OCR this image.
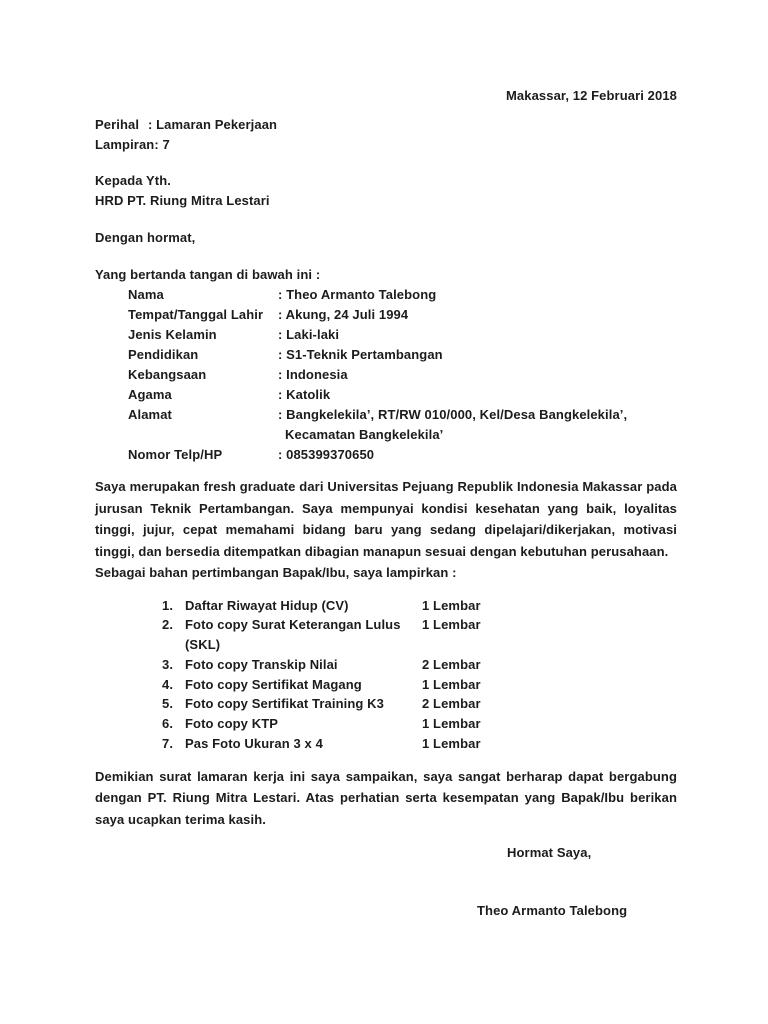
Makassar, 12 Februari 2018
Perihal : Lamaran Pekerjaan
Lampiran : 7
Kepada Yth.
HRD PT. Riung Mitra Lestari
Dengan hormat,
Yang bertanda tangan di bawah ini :
Nama	: Theo Armanto Talebong
Tempat/Tanggal Lahir	: Akung, 24 Juli 1994
Jenis Kelamin	: Laki-laki
Pendidikan	: S1-Teknik Pertambangan
Kebangsaan	: Indonesia
Agama	: Katolik
Alamat	: Bangkelekila’, RT/RW 010/000, Kel/Desa Bangkelekila’,
Kecamatan Bangkelekila’
Nomor Telp/HP	: 085399370650
Saya merupakan fresh graduate dari Universitas Pejuang Republik Indonesia Makassar pada jurusan Teknik Pertambangan. Saya mempunyai kondisi kesehatan yang baik, loyalitas tinggi, jujur, cepat memahami bidang baru yang sedang dipelajari/dikerjakan, motivasi tinggi, dan bersedia ditempatkan dibagian manapun sesuai dengan kebutuhan perusahaan.
Sebagai bahan pertimbangan Bapak/Ibu, saya lampirkan :
1. Daftar Riwayat Hidup (CV)	1 Lembar
2. Foto copy Surat Keterangan Lulus (SKL)
1 Lembar
3. Foto copy Transkip Nilai	2 Lembar
4. Foto copy Sertifikat Magang	1 Lembar
5. Foto copy Sertifikat Training K3	2 Lembar
6. Foto copy KTP	1 Lembar
7. Pas Foto Ukuran 3 x 4	1 Lembar
Demikian surat lamaran kerja ini saya sampaikan, saya sangat berharap dapat bergabung dengan PT. Riung Mitra Lestari. Atas perhatian serta kesempatan yang Bapak/Ibu berikan saya ucapkan terima kasih.
Hormat Saya,
Theo Armanto Talebong
